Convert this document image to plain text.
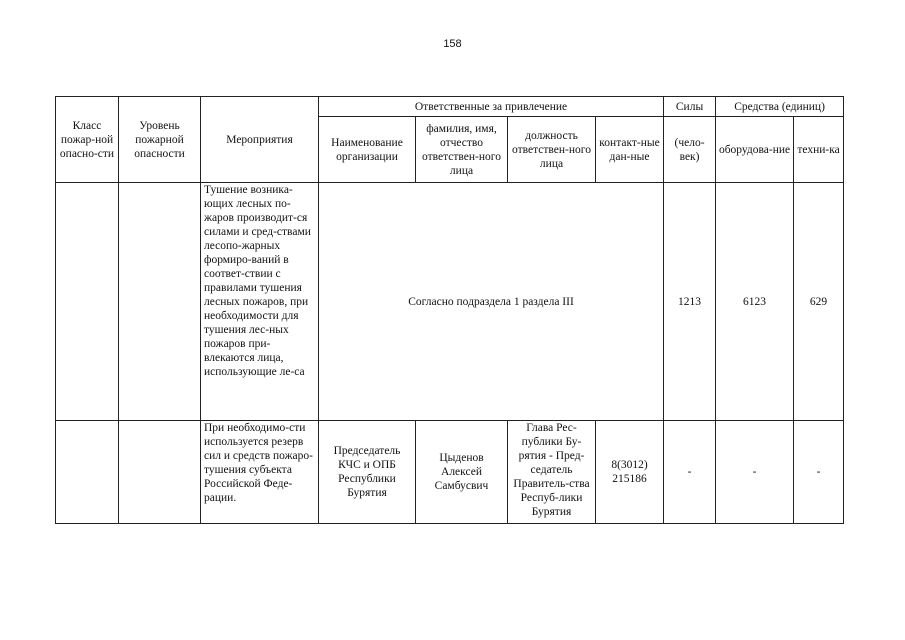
158
Класс пожар-ной опасно-сти	Уровень пожарной опасности	Мероприятия	Ответственные за привлечение				Силы	Средства (единиц)	
			Наименование организации	фамилия, имя, отчество ответствен-ного лица	должность ответствен-ного лица	контакт-ные дан-ные	(чело-век)	оборудова-ние	техни-ка
		Тушение возника-ющих лесных по-жаров производит-ся силами и сред-ствами лесопо-жарных формиро-ваний в соответ-ствии с правилами тушения лесных пожаров, при необходимости для тушения лес-ных пожаров при-влекаются лица, использующие ле-са	Согласно подраздела 1 раздела III				1213	6123	629
		При необходимо-сти используется резерв сил и средств пожаро-тушения субъекта Российской Феде-рации.	Председатель КЧС и ОПБ Республики Бурятия	Цыденов Алексей Самбусвич	Глава Рес-публики Бу-рятия - Пред-седатель Правитель-ства Респуб-лики Бурятия	8(3012) 215186	-	-	-
